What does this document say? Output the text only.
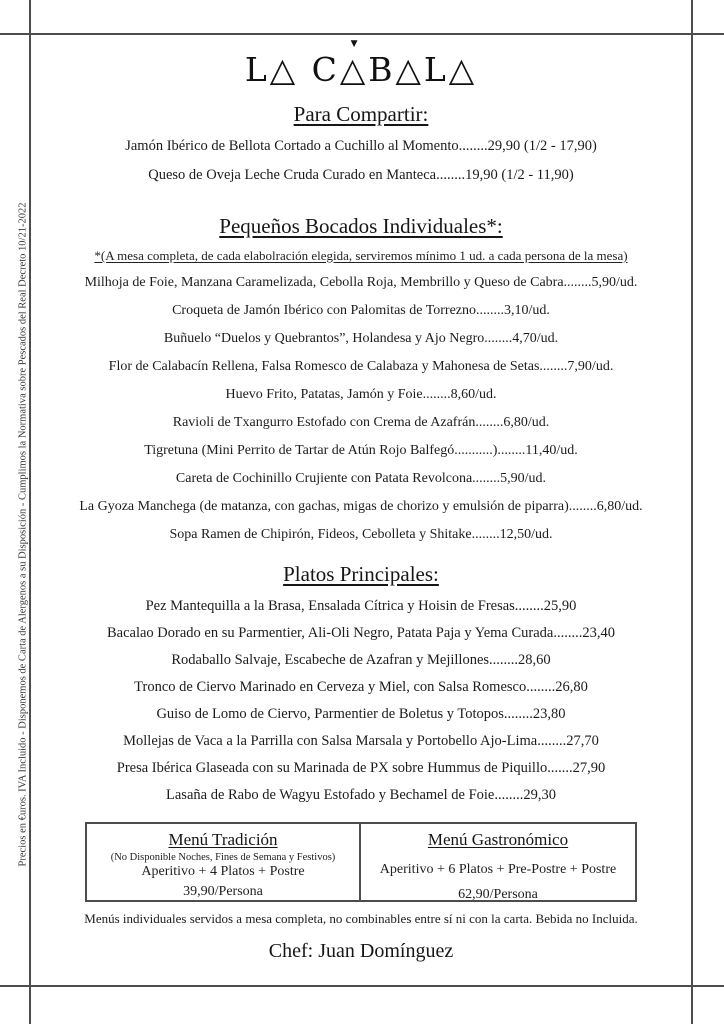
Precios en €uros. IVA Incluido - Disponemos de Carta de Alergenos a su Disposición - Cumplimos la Normativa sobre Pescados del Real Decreto 10/21-2022
L△ C
▼
△B△L△
Para Compartir:
Jamón Ibérico de Bellota Cortado a Cuchillo al Momento........29,90 (1/2 - 17,90)
Queso de Oveja Leche Cruda Curado en Manteca........19,90 (1/2 - 11,90)
Pequeños Bocados Individuales*:
*(A mesa completa, de cada elabolración elegida, serviremos mínimo 1 ud. a cada persona de la mesa)
Milhoja de Foie, Manzana Caramelizada, Cebolla Roja, Membrillo y Queso de Cabra........5,90/ud.
Croqueta de Jamón Ibérico con Palomitas de Torrezno........3,10/ud.
Buñuelo “Duelos y Quebrantos”, Holandesa y Ajo Negro........4,70/ud.
Flor de Calabacín Rellena, Falsa Romesco de Calabaza y Mahonesa de Setas........7,90/ud.
Huevo Frito, Patatas, Jamón y Foie........8,60/ud.
Ravioli de Txangurro Estofado con Crema de Azafrán........6,80/ud.
Tigretuna (Mini Perrito de Tartar de Atún Rojo Balfegó...........)........11,40/ud.
Careta de Cochinillo Crujiente con Patata Revolcona........5,90/ud.
La Gyoza Manchega (de matanza, con gachas, migas de chorizo y emulsión de piparra)........6,80/ud.
Sopa Ramen de Chipirón, Fideos, Cebolleta y Shitake........12,50/ud.
Platos Principales:
Pez Mantequilla a la Brasa, Ensalada Cítrica y Hoisin de Fresas........25,90
Bacalao Dorado en su Parmentier, Ali-Oli Negro, Patata Paja y Yema Curada........23,40
Rodaballo Salvaje, Escabeche de Azafran y Mejillones........28,60
Tronco de Ciervo Marinado en Cerveza y Miel, con Salsa Romesco........26,80
Guiso de Lomo de Ciervo, Parmentier de Boletus y Totopos........23,80
Mollejas de Vaca a la Parrilla con Salsa Marsala y Portobello Ajo-Lima........27,70
Presa Ibérica Glaseada con su Marinada de PX sobre Hummus de Piquillo.......27,90
Lasaña de Rabo de Wagyu Estofado y Bechamel de Foie........29,30
Menú Tradición
(No Disponible Noches, Fines de Semana y Festivos)
Aperitivo + 4 Platos + Postre
39,90/Persona
Menú Gastronómico
Aperitivo + 6 Platos + Pre-Postre + Postre
62,90/Persona
Menús individuales servidos a mesa completa, no combinables entre sí ni con la carta. Bebida no Incluida.
Chef: Juan Domínguez
